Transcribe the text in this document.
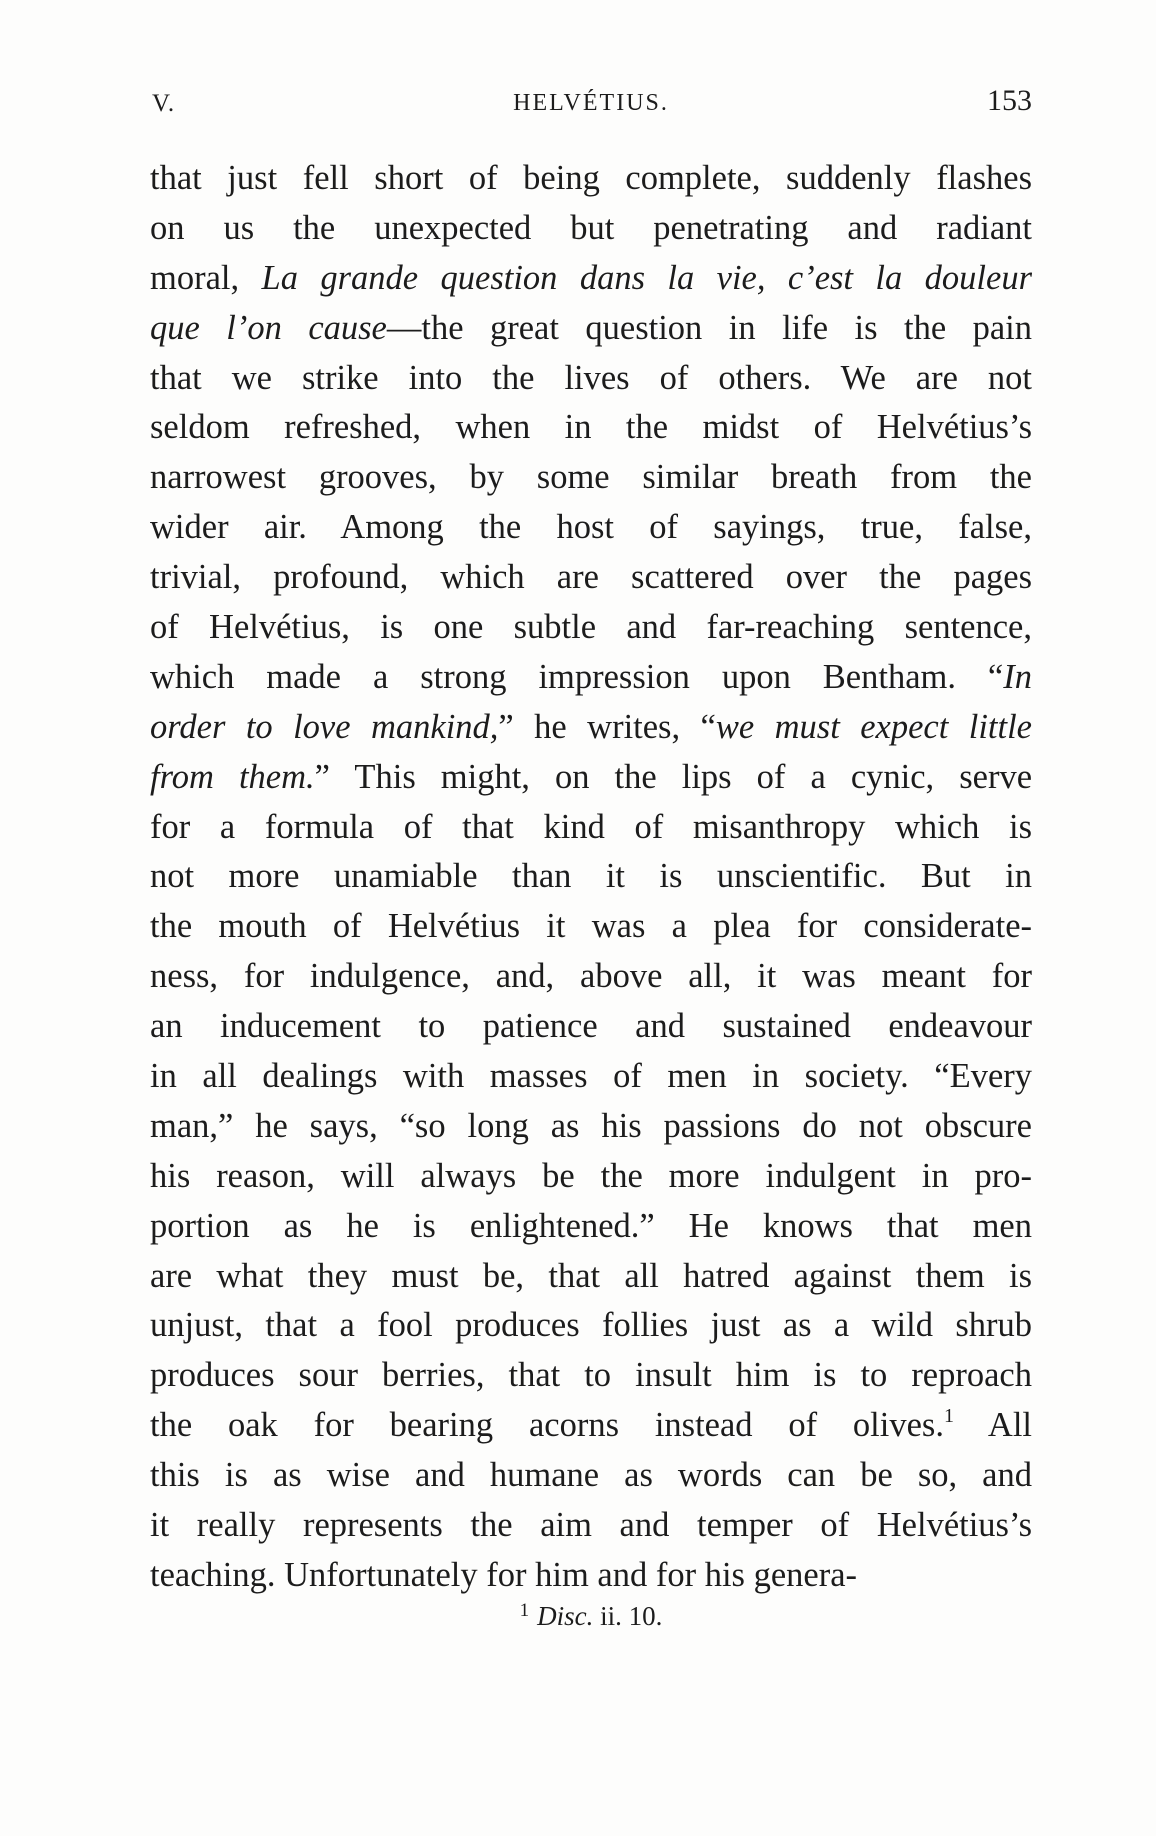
V.	HELVÉTIUS.	153
that just fell short of being complete, suddenly flashes
on us the unexpected but penetrating and radiant
moral, La grande question dans la vie, c’est la douleur
que l’on cause—the great question in life is the pain
that we strike into the lives of others. We are not
seldom refreshed, when in the midst of Helvétius’s
narrowest grooves, by some similar breath from the
wider air. Among the host of sayings, true, false,
trivial, profound, which are scattered over the pages
of Helvétius, is one subtle and far-reaching sentence,
which made a strong impression upon Bentham. “In
order to love mankind,” he writes, “we must expect little
from them.” This might, on the lips of a cynic, serve
for a formula of that kind of misanthropy which is
not more unamiable than it is unscientific. But in
the mouth of Helvétius it was a plea for considerate-
ness, for indulgence, and, above all, it was meant for
an inducement to patience and sustained endeavour
in all dealings with masses of men in society. “Every
man,” he says, “so long as his passions do not obscure
his reason, will always be the more indulgent in pro-
portion as he is enlightened.” He knows that men
are what they must be, that all hatred against them is
unjust, that a fool produces follies just as a wild shrub
produces sour berries, that to insult him is to reproach
the oak for bearing acorns instead of olives.$^1$ All
this is as wise and humane as words can be so, and
it really represents the aim and temper of Helvétius’s
teaching. Unfortunately for him and for his genera-
$^1$ Disc. ii. 10.
